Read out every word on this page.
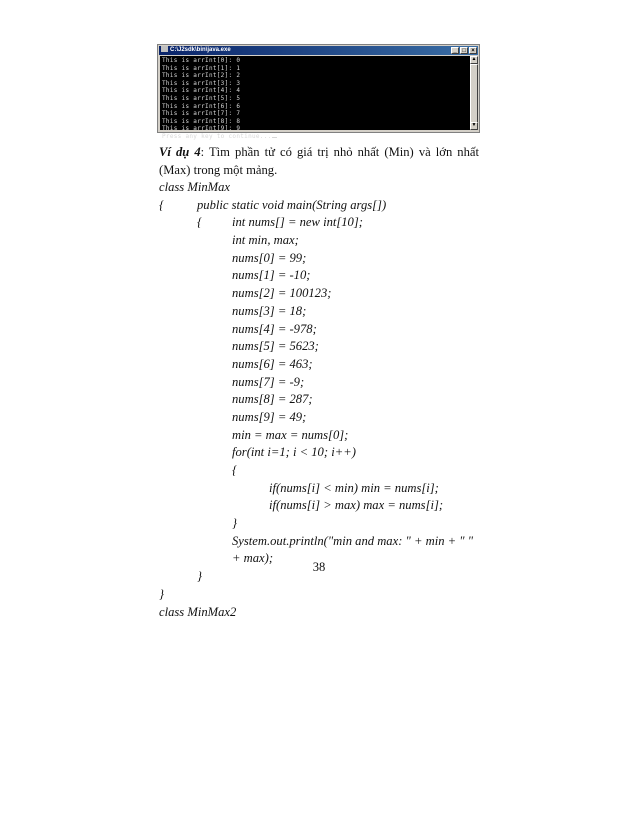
C:\J2sdk\bin\java.exe	_ □ ×
This is arrInt[0]: 0
This is arrInt[1]: 1
This is arrInt[2]: 2
This is arrInt[3]: 3
This is arrInt[4]: 4
This is arrInt[5]: 5
This is arrInt[6]: 6
This is arrInt[7]: 7
This is arrInt[8]: 8
This is arrInt[9]: 9
Press any key to continue...
▲
▼

Ví dụ 4: Tìm phần tử có giá trị nhỏ nhất (Min) và lớn nhất (Max) trong một mảng.

class MinMax
{	public static void main(String args[])
{ int nums[] = new int[10];
int min, max;
nums[0] = 99;
nums[1] = -10;
nums[2] = 100123;
nums[3] = 18;
nums[4] = -978;
nums[5] = 5623;
nums[6] = 463;
nums[7] = -9;
nums[8] = 287;
nums[9] = 49;
min = max = nums[0];
for(int i=1; i < 10; i++)
{
if(nums[i] < min) min = nums[i];
if(nums[i] > max) max = nums[i];
}
System.out.println("min and max: " + min + " "
+ max);
}
}
class MinMax2
38
